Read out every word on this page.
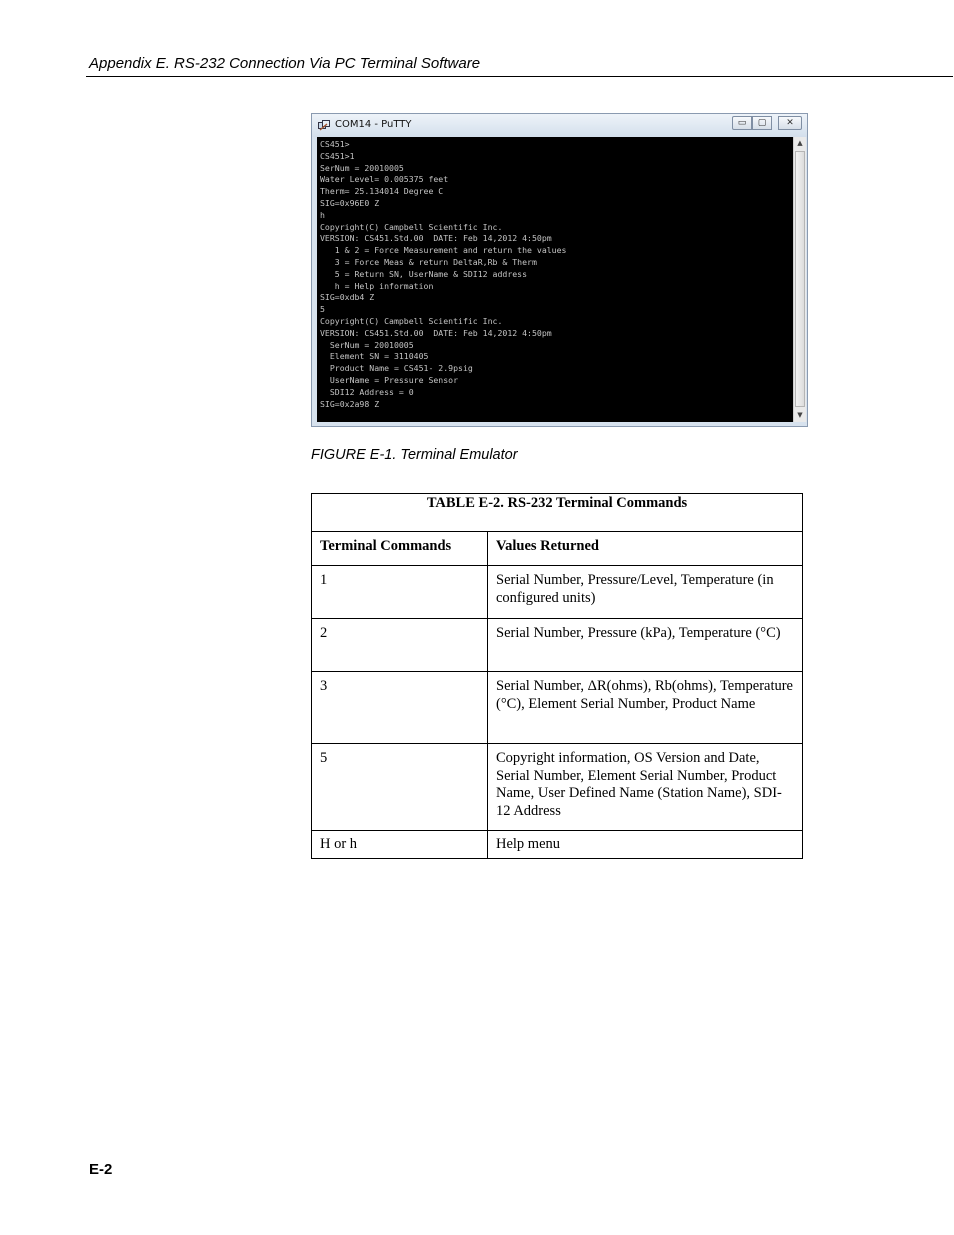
Appendix E. RS-232 Connection Via PC Terminal Software
COM14 - PuTTY	▭	▢	✕
CS451>
CS451>1
SerNum = 20010005
Water Level= 0.005375 feet
Therm= 25.134014 Degree C
SIG=0x96E0 Z
h
Copyright(C) Campbell Scientific Inc.
VERSION: CS451.Std.00  DATE: Feb 14,2012 4:50pm
1 & 2 = Force Measurement and return the values
3 = Force Meas & return DeltaR,Rb & Therm
5 = Return SN, UserName & SDI12 address
h = Help information
SIG=0xdb4 Z
5
Copyright(C) Campbell Scientific Inc.
VERSION: CS451.Std.00  DATE: Feb 14,2012 4:50pm
SerNum = 20010005
Element SN = 3110405
Product Name = CS451- 2.9psig
UserName = Pressure Sensor
SDI12 Address = 0
SIG=0x2a98 Z
▲
▼
FIGURE E-1. Terminal Emulator
TABLE E-2. RS-232 Terminal Commands	
Terminal Commands	Values Returned
1	Serial Number, Pressure/Level, Temperature (in configured units)
2	Serial Number, Pressure (kPa), Temperature (°C)
3	Serial Number, ΔR(ohms), Rb(ohms), Temperature (°C), Element Serial Number, Product Name
5	Copyright information, OS Version and Date, Serial Number, Element Serial Number, Product Name, User Defined Name (Station Name), SDI-12 Address
H or h	Help menu
E-2
